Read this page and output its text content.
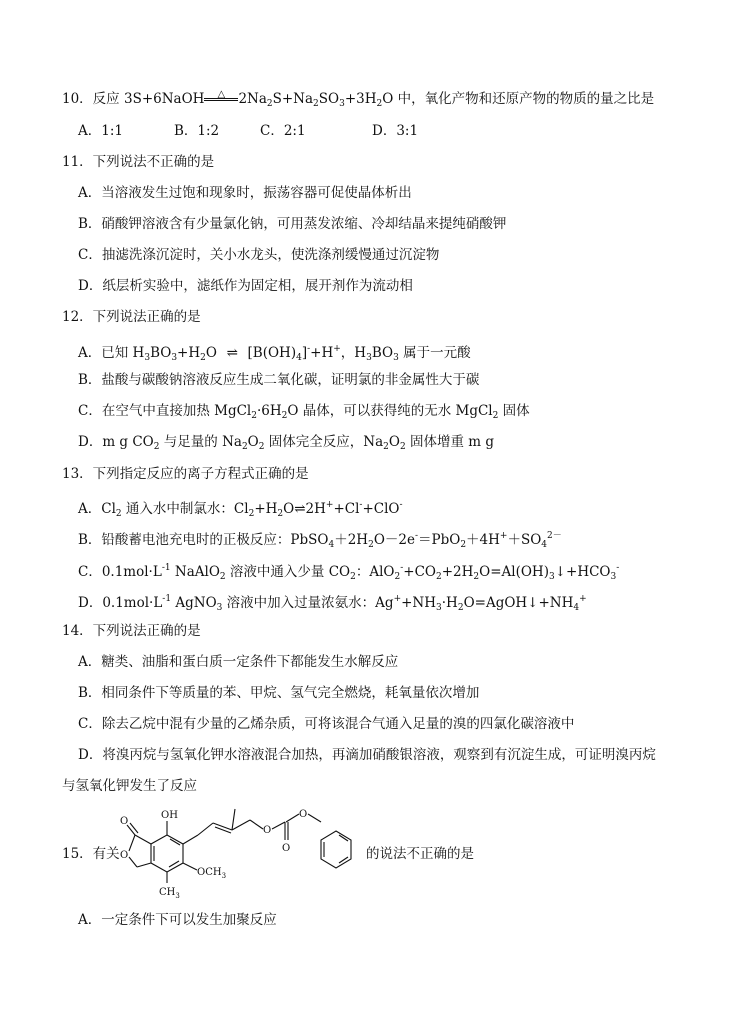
10．反应 3S+6NaOH △ $2Na_2S+Na_2SO_3+3H_2O$ 中，氧化产物和还原产物的物质的量之比是
A．1:1	B．1:2	C．2:1	D．3:1
11．下列说法不正确的是
A．当溶液发生过饱和现象时，振荡容器可促使晶体析出
B．硝酸钾溶液含有少量氯化钠，可用蒸发浓缩、冷却结晶来提纯硝酸钾
C．抽滤洗涤沉淀时，关小水龙头，使洗涤剂缓慢通过沉淀物
D．纸层析实验中，滤纸作为固定相，展开剂作为流动相
12．下列说法正确的是
A．已知 $H_3BO_3+H_2O$ ⇌ $[B(OH)_4]^-+H^+$，$H_3BO_3$ 属于一元酸
B．盐酸与碳酸钠溶液反应生成二氧化碳，证明氯的非金属性大于碳
C．在空气中直接加热 $MgCl_2\cdot 6H_2O$ 晶体，可以获得纯的无水 MgCl$_2$ 固体
D．m g $CO_2$ 与足量的 $Na_2O_2$ 固体完全反应，$Na_2O_2$ 固体增重 m g
13．下列指定反应的离子方程式正确的是
A．$Cl_2$ 通入水中制氯水：$Cl_2+H_2O\rightleftharpoons 2H^++Cl^-+ClO^-$
B．铅酸蓄电池充电时的正极反应：$PbSO_4+2H_2O-2e^-=PbO_2+4H^++SO_4^{2-}$
C．$0.1mol\cdot L^{-1}$ NaAlO$_2$ 溶液中通入少量 $CO_2$：$AlO_2^-+CO_2+2H_2O=Al(OH)_3↓+HCO_3^-$
D．$0.1mol\cdot L^{-1}$ AgNO$_3$ 溶液中加入过量浓氨水：$Ag^++NH_3\cdot H_2O=AgOH↓+NH_4^+$
14．下列说法正确的是
A．糖类、油脂和蛋白质一定条件下都能发生水解反应
B．相同条件下等质量的苯、甲烷、氢气完全燃烧，耗氧量依次增加
C．除去乙烷中混有少量的乙烯杂质，可将该混合气通入足量的溴的四氯化碳溶液中
D．将溴丙烷与氢氧化钾水溶液混合加热，再滴加硝酸银溶液，观察到有沉淀生成，可证明溴丙烷
与氢氧化钾发生了反应
15．有关
O
O
OH
$OCH_3$
$CH_3$
O
O
O
的说法不正确的是
A．一定条件下可以发生加聚反应
